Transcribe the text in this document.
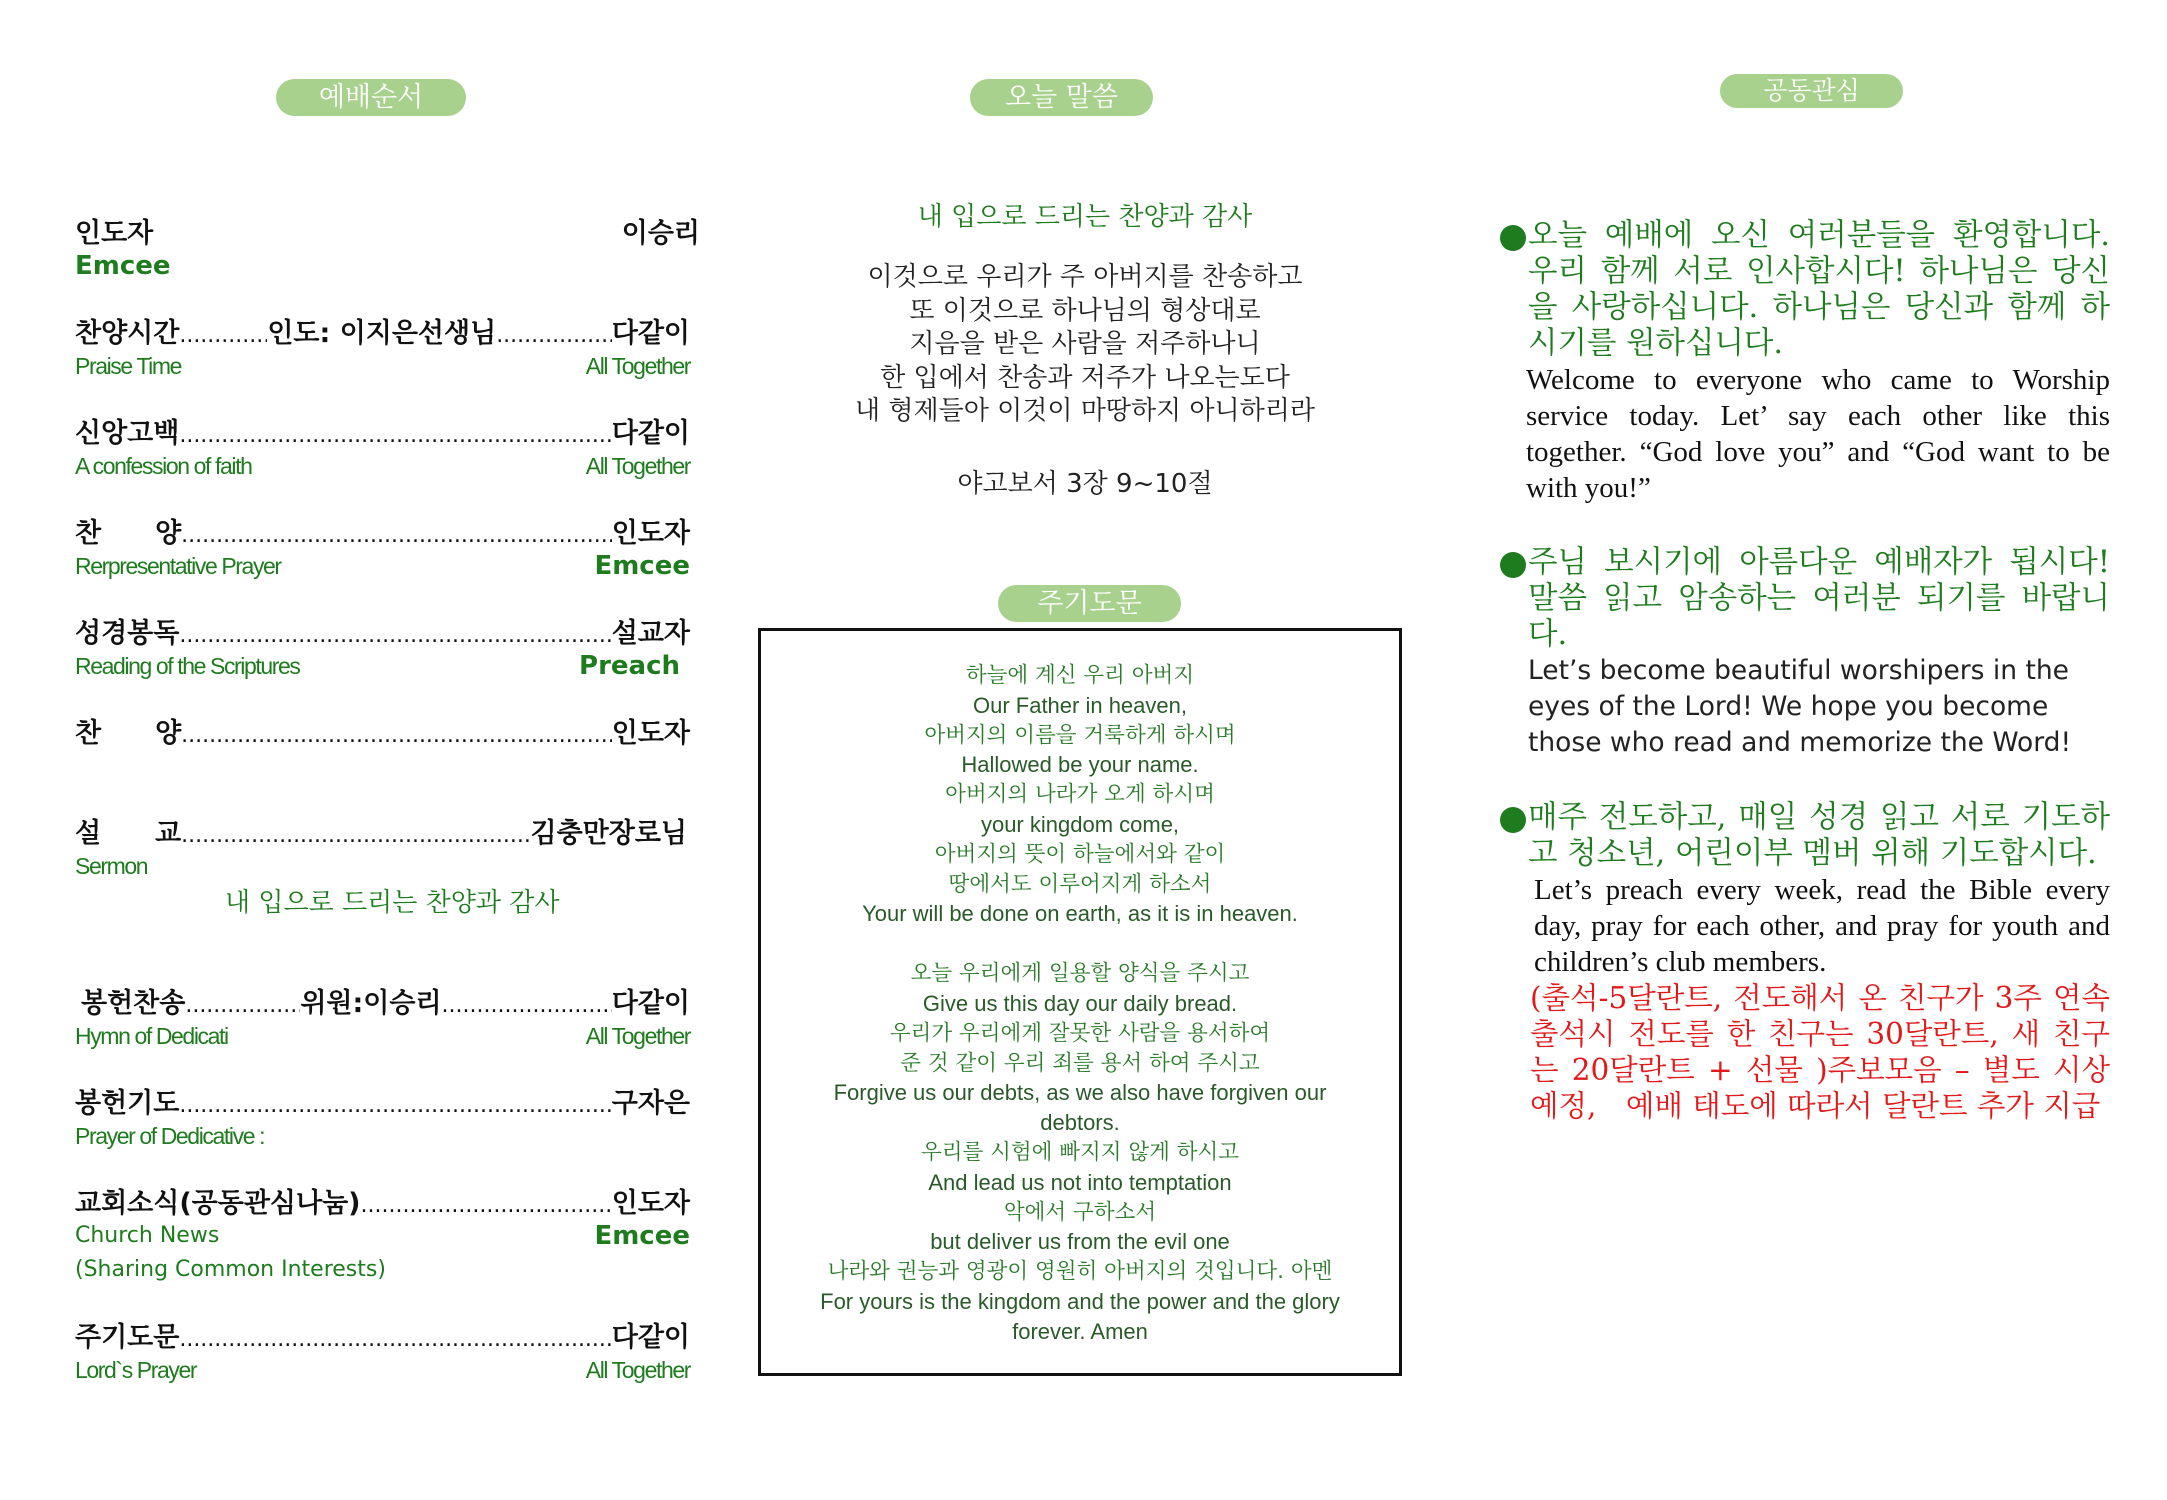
예배순서
인도자	이승리
Emcee
찬양시간 .....	인도: 이지은선생님 .....	다같이
Praise Time	All Together
신앙고백 .....	다같이
A confession of faith	All Together
찬　　양 .....	인도자
Rerpresentative Prayer	Emcee
성경봉독 .....	설교자
Reading of the Scriptures	Preach
찬　　양 .....	인도자
설　　교 .....	김충만장로님
Sermon
내 입으로 드리는 찬양과 감사
봉헌찬송 .....	위원:이승리 .....	다같이
Hymn of Dedicati	All Together
봉헌기도 .....	구자은
Prayer of Dedicative :
교회소식(공동관심나눔) .....	인도자
Church News	Emcee
(Sharing Common Interests)
주기도문 .....	다같이
Lord`s Prayer	All Together
오늘 말씀
내 입으로 드리는 찬양과 감사
이것으로 우리가 주 아버지를 찬송하고
또 이것으로 하나님의 형상대로
지음을 받은 사람을 저주하나니
한 입에서 찬송과 저주가 나오는도다
내 형제들아 이것이 마땅하지 아니하리라
야고보서 3장 9~10절
주기도문
하늘에 계신 우리 아버지
Our Father in heaven,
아버지의 이름을 거룩하게 하시며
Hallowed be your name.
아버지의 나라가 오게 하시며
your kingdom come,
아버지의 뜻이 하늘에서와 같이
땅에서도 이루어지게 하소서
Your will be done on earth, as it is in heaven.
오늘 우리에게 일용할 양식을 주시고
Give us this day our daily bread.
우리가 우리에게 잘못한 사람을 용서하여
준 것 같이 우리 죄를 용서 하여 주시고
Forgive us our debts, as we also have forgiven our
debtors.
우리를 시험에 빠지지 않게 하시고
And lead us not into temptation
악에서 구하소서
but deliver us from the evil one
나라와 권능과 영광이 영원히 아버지의 것입니다. 아멘
For yours is the kingdom and the power and the glory
forever. Amen
공동관심
오늘 예배에 오신 여러분들을 환영합니다. 우리 함께 서로 인사합시다! 하나님은 당신을 사랑하십니다. 하나님은 당신과 함께 하시기를 원하십니다.
Welcome to everyone who came to Worship service today. Let’ say each other like this together. “God love you” and “God want to be with you!”
주님 보시기에 아름다운 예배자가 됩시다! 말씀 읽고 암송하는 여러분 되기를 바랍니다.
Let’s become beautiful worshipers in the eyes of the Lord! We hope you become those who read and memorize the Word!
매주 전도하고, 매일 성경 읽고 서로 기도하고 청소년, 어린이부 멤버 위해 기도합시다.
Let’s preach every week, read the Bible every day, pray for each other, and pray for youth and children’s club members.
(출석-5달란트, 전도해서 온 친구가 3주 연속 출석시 전도를 한 친구는 30달란트, 새 친구는 20달란트 + 선물 )주보모음 – 별도 시상 예정,　예배 태도에 따라서 달란트 추가 지급
